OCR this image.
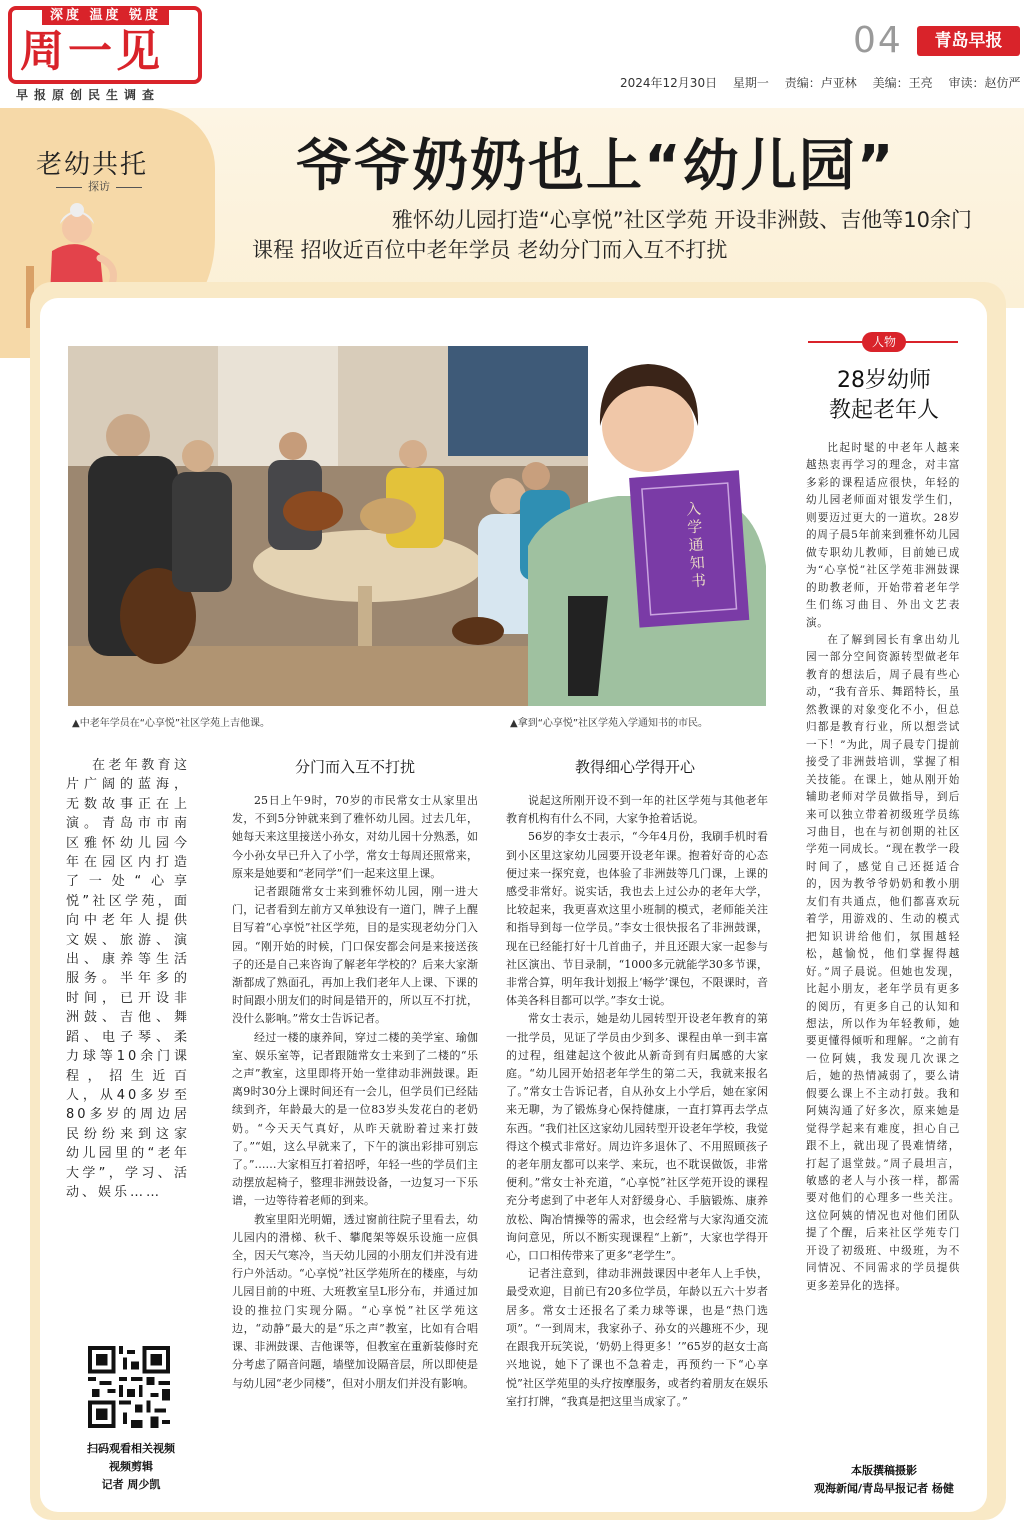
深度 温度 锐度
周一见
早报原创民生调查
04	青岛早报
2024年12月30日 星期一 责编：卢亚林 美编：王亮 审读：赵仿严
老幼共托
探访	爷爷奶奶也上“幼儿园”
雅怀幼儿园打造“心享悦”社区学苑 开设非洲鼓、吉他等10余门
课程 招收近百位中老年学员 老幼分门而入互不打扰
入学通知书
▲中老年学员在“心享悦”社区学苑上吉他课。	▲拿到“心享悦”社区学苑入学通知书的市民。
人物
28岁幼师
教起老年人

比起时髦的中老年人越来越热衷再学习的理念，对丰富多彩的课程适应很快，年轻的幼儿园老师面对银发学生们，则要迈过更大的一道坎。28岁的周子晨5年前来到雅怀幼儿园做专职幼儿教师，目前她已成为“心享悦”社区学苑非洲鼓课的助教老师，开始带着老年学生们练习曲目、外出文艺表演。

在了解到园长有拿出幼儿园一部分空间资源转型做老年教育的想法后，周子晨有些心动，“我有音乐、舞蹈特长，虽然教课的对象变化不小，但总归都是教育行业，所以想尝试一下！”为此，周子晨专门提前接受了非洲鼓培训，掌握了相关技能。在课上，她从刚开始辅助老师对学员做指导，到后来可以独立带着初级班学员练习曲目，也在与初创期的社区学苑一同成长。“现在教学一段时间了，感觉自己还挺适合的，因为教爷爷奶奶和教小朋友们有共通点，他们都喜欢玩着学，用游戏的、生动的模式把知识讲给他们，氛围越轻松，越愉悦，他们掌握得越好。”周子晨说。但她也发现，比起小朋友，老年学员有更多的阅历，有更多自己的认知和想法，所以作为年轻教师，她要更懂得倾听和理解。“之前有一位阿姨，我发现几次课之后，她的热情减弱了，要么请假要么课上不主动打鼓。我和阿姨沟通了好多次，原来她是觉得学起来有难度，担心自己跟不上，就出现了畏难情绪，打起了退堂鼓。”周子晨坦言，敏感的老人与小孩一样，都需要对他们的心理多一些关注。这位阿姨的情况也对他们团队提了个醒，后来社区学苑专门开设了初级班、中级班，为不同情况、不同需求的学员提供更多差异化的选择。

本版撰稿摄影
观海新闻/青岛早报记者 杨健

在老年教育这片广阔的蓝海，无数故事正在上演。青岛市市南区雅怀幼儿园今年在园区内打造了一处“心享悦”社区学苑，面向中老年人提供文娱、旅游、演出、康养等生活服务。半年多的时间，已开设非洲鼓、吉他、舞蹈、电子琴、柔力球等10余门课程，招生近百人，从40多岁至80多岁的周边居民纷纷来到这家幼儿园里的“老年大学”，学习、活动、娱乐……

分门而入互不打扰

25日上午9时，70岁的市民常女士从家里出发，不到5分钟就来到了雅怀幼儿园。过去几年，她每天来这里接送小孙女，对幼儿园十分熟悉，如今小孙女早已升入了小学，常女士每周还照常来，原来是她要和“老同学”们一起来这里上课。

记者跟随常女士来到雅怀幼儿园，刚一进大门，记者看到左前方又单独设有一道门，牌子上醒目写着“心享悦”社区学苑，目的是实现老幼分门入园。“刚开始的时候，门口保安都会问是来接送孩子的还是自己来咨询了解老年学校的？后来大家渐渐都成了熟面孔，再加上我们老年人上课、下课的时间跟小朋友们的时间是错开的，所以互不打扰，没什么影响。”常女士告诉记者。

经过一楼的康养间，穿过二楼的美学室、瑜伽室、娱乐室等，记者跟随常女士来到了二楼的“乐之声”教室，这里即将开始一堂律动非洲鼓课。距离9时30分上课时间还有一会儿，但学员们已经陆续到齐，年龄最大的是一位83岁头发花白的老奶奶。“今天天气真好，从昨天就盼着过来打鼓了。”“姐，这么早就来了，下午的演出彩排可别忘了。”……大家相互打着招呼，年轻一些的学员们主动摆放起椅子，整理非洲鼓设备，一边复习一下乐谱，一边等待着老师的到来。

教室里阳光明媚，透过窗前往院子里看去，幼儿园内的滑梯、秋千、攀爬架等娱乐设施一应俱全，因天气寒冷，当天幼儿园的小朋友们并没有进行户外活动。“心享悦”社区学苑所在的楼座，与幼儿园目前的中班、大班教室呈L形分布，并通过加设的推拉门实现分隔。“心享悦”社区学苑这边，“动静”最大的是“乐之声”教室，比如有合唱课、非洲鼓课、吉他课等，但教室在重新装修时充分考虑了隔音问题，墙壁加设隔音层，所以即使是与幼儿园“老少同楼”，但对小朋友们并没有影响。

教得细心学得开心

说起这所刚开设不到一年的社区学苑与其他老年教育机构有什么不同，大家争抢着话说。

56岁的李女士表示，“今年4月份，我刷手机时看到小区里这家幼儿园要开设老年课。抱着好奇的心态便过来一探究竟，也体验了非洲鼓等几门课，上课的感受非常好。说实话，我也去上过公办的老年大学，比较起来，我更喜欢这里小班制的模式，老师能关注和指导到每一位学员。”李女士很快报名了非洲鼓课，现在已经能打好十几首曲子，并且还跟大家一起参与社区演出、节目录制，“1000多元就能学30多节课，非常合算，明年我计划报上‘畅学’课包，不限课时，音体美各科目都可以学。”李女士说。

常女士表示，她是幼儿园转型开设老年教育的第一批学员，见证了学员由少到多、课程由单一到丰富的过程，组建起这个彼此从新奇到有归属感的大家庭。“幼儿园开始招老年学生的第二天，我就来报名了。”常女士告诉记者，自从孙女上小学后，她在家闲来无聊，为了锻炼身心保持健康，一直打算再去学点东西。“我们社区这家幼儿园转型开设老年学校，我觉得这个模式非常好。周边许多退休了、不用照顾孩子的老年朋友都可以来学、来玩，也不耽误做饭，非常便利。”常女士补充道，“心享悦”社区学苑开设的课程充分考虑到了中老年人对舒缓身心、手脑锻炼、康养放松、陶冶情操等的需求，也会经常与大家沟通交流询问意见，所以不断实现课程“上新”，大家也学得开心，口口相传带来了更多“老学生”。

记者注意到，律动非洲鼓课因中老年人上手快，最受欢迎，目前已有20多位学员，年龄以五六十岁者居多。常女士还报名了柔力球等课，也是“热门选项”。“一到周末，我家孙子、孙女的兴趣班不少，现在跟我开玩笑说，‘奶奶上得更多！’”65岁的赵女士高兴地说，她下了课也不急着走，再预约一下“心享悦”社区学苑里的头疗按摩服务，或者约着朋友在娱乐室打打牌，“我真是把这里当成家了。”

扫码观看相关视频
视频剪辑
记者 周少凯
